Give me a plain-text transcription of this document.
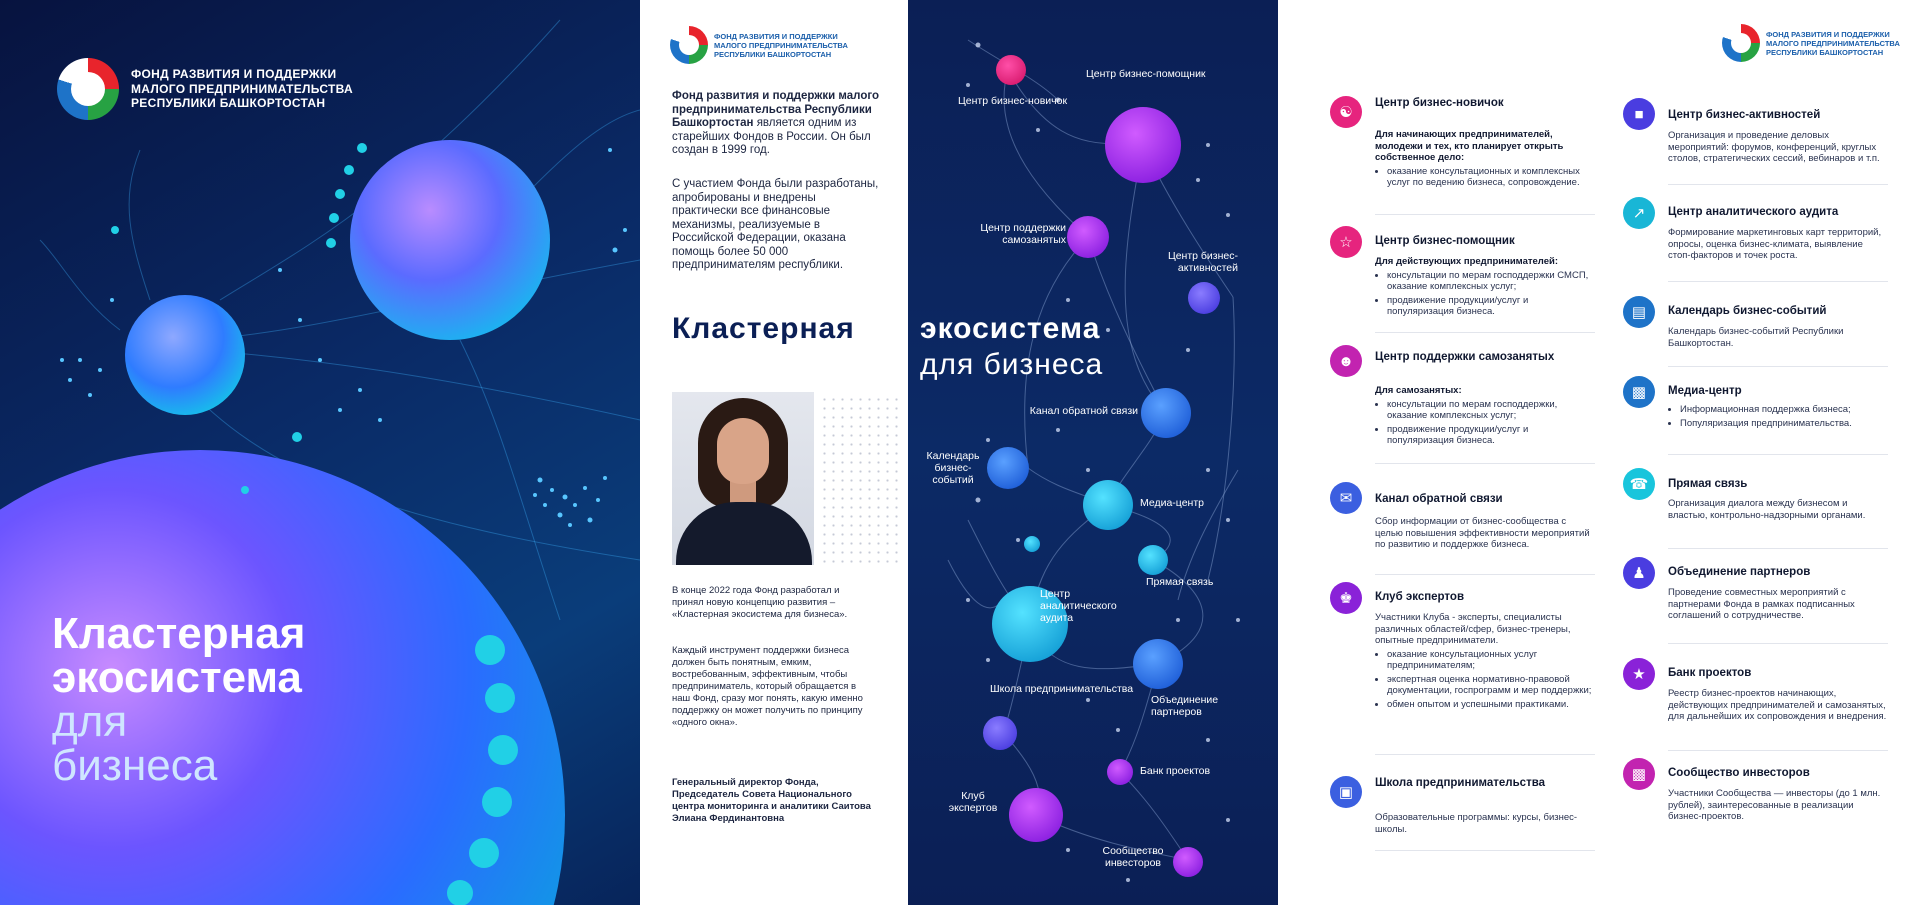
ФОНД РАЗВИТИЯ И ПОДДЕРЖКИ
МАЛОГО ПРЕДПРИНИМАТЕЛЬСТВА
РЕСПУБЛИКИ БАШКОРТОСТАН
Кластерная
экосистема
для
бизнеса
ФОНД РАЗВИТИЯ И ПОДДЕРЖКИ
МАЛОГО ПРЕДПРИНИМАТЕЛЬСТВА
РЕСПУБЛИКИ БАШКОРТОСТАН
Фонд развития и поддержки малого предпринимательства Республики Башкортостан является одним из старейших Фондов в России. Он был создан в 1999 год.
С участием Фонда были разработаны, апробированы и внедрены практически все финансовые механизмы, реализуемые в Российской Федерации, оказана помощь более 50 000 предпринимателям республики.
Кластерная
В конце 2022 года Фонд разработал и принял новую концепцию развития – «Кластерная экосистема для бизнеса».
Каждый инструмент поддержки бизнеса должен быть понятным, емким, востребованным, эффективным, чтобы предприниматель, который обращается в наш Фонд, сразу мог понять, какую именно поддержку он может получить по принципу «одного окна».
Генеральный директор Фонда, Председатель Совета Национального центра мониторинга и аналитики Саитова Элиана Фердинантовна
экосистема
для бизнеса
Центр бизнес-новичок
Центр бизнес-помощник
Центр поддержки самозанятых
Центр бизнес-активностей
Канал обратной связи
Календарь бизнес-событий
Медиа-центр
Прямая связь
Центр аналитического аудита
Объединение партнеров
Школа предпринимательства
Банк проектов
Клуб экспертов
Сообщество инвесторов
ФОНД РАЗВИТИЯ И ПОДДЕРЖКИ
МАЛОГО ПРЕДПРИНИМАТЕЛЬСТВА
РЕСПУБЛИКИ БАШКОРТОСТАН
☯
Центр бизнес-новичок
Для начинающих предпринимателей, молодежи и тех, кто планирует открыть собственное дело:
• оказание консультационных и комплексных услуг по ведению бизнеса, сопровождение.
☆	Центр бизнес-помощник
Для действующих предпринимателей:
• консультации по мерам господдержки СМСП, оказание комплексных услуг;
• продвижение продукции/услуг и популяризация бизнеса.
☻	Центр поддержки самозанятых
Для самозанятых:
• консультации по мерам господдержки, оказание комплексных услуг;
• продвижение продукции/услуг и популяризация бизнеса.
✉	Канал обратной связи
Сбор информации от бизнес-сообщества с целью повышения эффективности мероприятий по развитию и поддержке бизнеса.
♚	Клуб экспертов
Участники Клуба - эксперты, специалисты различных областей/сфер, бизнес-тренеры, опытные предприниматели.
• оказание консультационных услуг предпринимателям;
• экспертная оценка нормативно-правовой документации, госпрограмм и мер поддержки;
• обмен опытом и успешными практиками.
▣
Школа предпринимательства
Образовательные программы: курсы, бизнес-школы.
■	Центр бизнес-активностей
Организация и проведение деловых мероприятий: форумов, конференций, круглых столов, стратегических сессий, вебинаров и т.п.
↗	Центр аналитического аудита
Формирование маркетинговых карт территорий, опросы, оценка бизнес-климата, выявление стоп-факторов и точек роста.
▤	Календарь бизнес-событий
Календарь бизнес-событий Республики Башкортостан.
▩	Медиа-центр
• Информационная поддержка бизнеса;
• Популяризация предпринимательства.
☎	Прямая связь
Организация диалога между бизнесом и властью, контрольно-надзорными органами.
♟	Объединение партнеров
Проведение совместных мероприятий с партнерами Фонда в рамках подписанных соглашений о сотрудничестве.
★	Банк проектов
Реестр бизнес-проектов начинающих, действующих предпринимателей и самозанятых, для дальнейших их сопровождения и внедрения.
▩	Сообщество инвесторов
Участники Сообщества — инвесторы (до 1 млн. рублей), заинтересованные в реализации бизнес-проектов.
